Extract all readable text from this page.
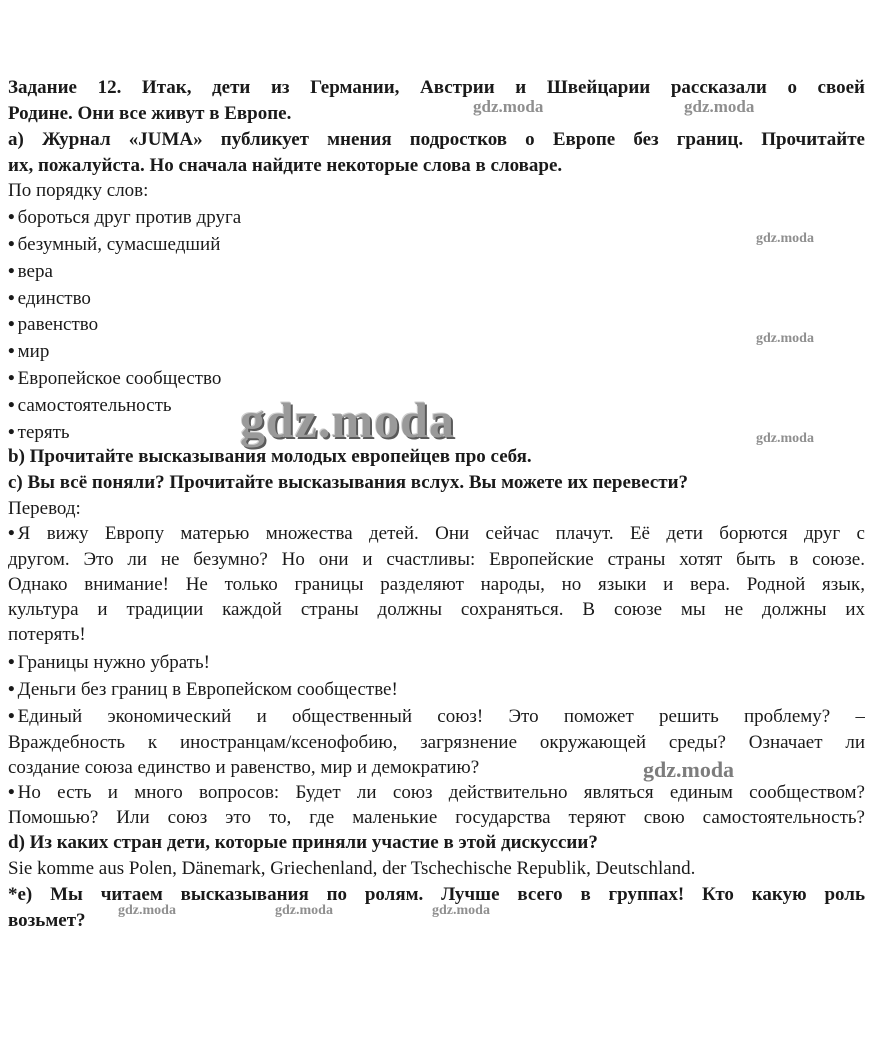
Задание 12. Итак, дети из Германии, Австрии и Швейцарии рассказали о своей

Родине. Они все живут в Европе.

a) Журнал «JUMA» публикует мнения подростков о Европе без границ. Прочитайте

их, пожалуйста. Но сначала найдите некоторые слова в словаре.

По порядку слов:

• бороться друг против друга

• безумный, сумасшедший

• вера

• единство

• равенство

• мир

• Европейское сообщество

• самостоятельность

• терять

b) Прочитайте высказывания молодых европейцев про себя.

c) Вы всё поняли? Прочитайте высказывания вслух. Вы можете их перевести?

Перевод:

• Я вижу Европу матерью множества детей. Они сейчас плачут. Её дети борются друг с

другом. Это ли не безумно? Но они и счастливы: Европейские страны хотят быть в союзе.

Однако внимание! Не только границы разделяют народы, но языки и вера. Родной язык,

культура и традиции каждой страны должны сохраняться. В союзе мы не должны их

потерять!

• Границы нужно убрать!

• Деньги без границ в Европейском сообществе!

• Единый экономический и общественный союз! Это поможет решить проблему? –

Враждебность к иностранцам/ксенофобию, загрязнение окружающей среды? Означает ли

создание союза единство и равенство, мир и демократию?

• Но есть и много вопросов: Будет ли союз действительно являться единым сообществом?

Помошью? Или союз это то, где маленькие государства теряют свою самостоятельность?

d) Из каких стран дети, которые приняли участие в этой дискуссии?

Sie komme aus Polen, Dänemark, Griechenland, der Tschechische Republik, Deutschland.

*e) Мы читаем высказывания по ролям. Лучше всего в группах! Кто какую роль

возьмет?

gdz.moda	gdz.moda
gdz.moda
gdz.moda
gdz.moda	gdz.moda
gdz.moda
gdz.moda	gdz.moda	gdz.moda
